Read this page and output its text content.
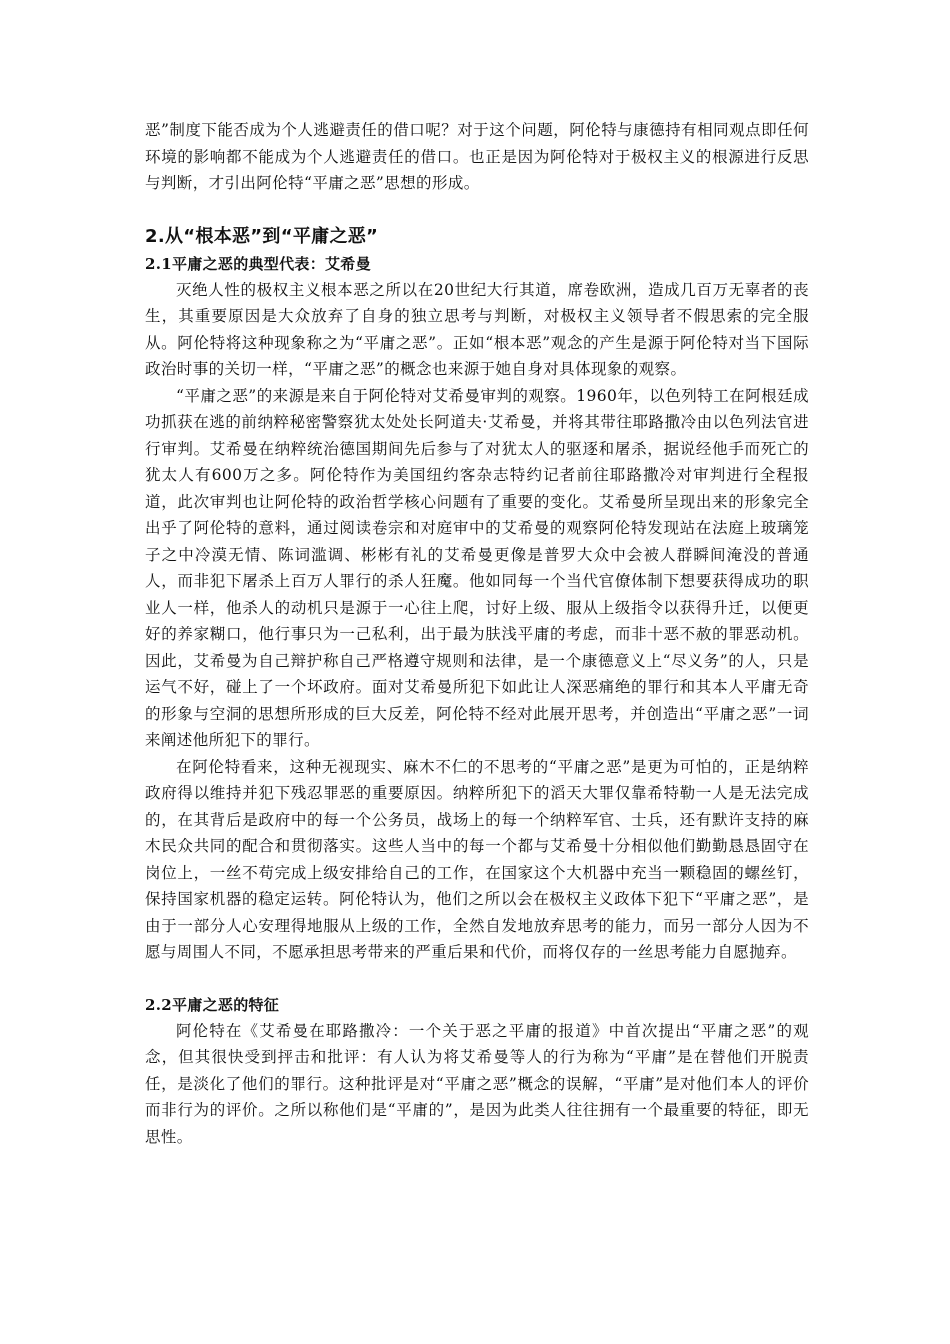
恶”制度下能否成为个人逃避责任的借口呢？对于这个问题，阿伦特与康德持有相同观点即任何环境的影响都不能成为个人逃避责任的借口。也正是因为阿伦特对于极权主义的根源进行反思与判断，才引出阿伦特“平庸之恶”思想的形成。

2.从“根本恶”到“平庸之恶”
2.1平庸之恶的典型代表：艾希曼

灭绝人性的极权主义根本恶之所以在20世纪大行其道，席卷欧洲，造成几百万无辜者的丧生，其重要原因是大众放弃了自身的独立思考与判断，对极权主义领导者不假思索的完全服从。阿伦特将这种现象称之为“平庸之恶”。正如“根本恶”观念的产生是源于阿伦特对当下国际政治时事的关切一样，“平庸之恶”的概念也来源于她自身对具体现象的观察。

“平庸之恶”的来源是来自于阿伦特对艾希曼审判的观察。1960年，以色列特工在阿根廷成功抓获在逃的前纳粹秘密警察犹太处处长阿道夫·艾希曼，并将其带往耶路撒冷由以色列法官进行审判。艾希曼在纳粹统治德国期间先后参与了对犹太人的驱逐和屠杀，据说经他手而死亡的犹太人有600万之多。阿伦特作为美国纽约客杂志特约记者前往耶路撒冷对审判进行全程报道，此次审判也让阿伦特的政治哲学核心问题有了重要的变化。艾希曼所呈现出来的形象完全出乎了阿伦特的意料，通过阅读卷宗和对庭审中的艾希曼的观察阿伦特发现站在法庭上玻璃笼子之中冷漠无情、陈词滥调、彬彬有礼的艾希曼更像是普罗大众中会被人群瞬间淹没的普通人，而非犯下屠杀上百万人罪行的杀人狂魔。他如同每一个当代官僚体制下想要获得成功的职业人一样，他杀人的动机只是源于一心往上爬，讨好上级、服从上级指令以获得升迁，以便更好的养家糊口，他行事只为一己私利，出于最为肤浅平庸的考虑，而非十恶不赦的罪恶动机。因此，艾希曼为自己辩护称自己严格遵守规则和法律，是一个康德意义上“尽义务”的人，只是运气不好，碰上了一个坏政府。面对艾希曼所犯下如此让人深恶痛绝的罪行和其本人平庸无奇的形象与空洞的思想所形成的巨大反差，阿伦特不经对此展开思考，并创造出“平庸之恶”一词来阐述他所犯下的罪行。

在阿伦特看来，这种无视现实、麻木不仁的不思考的“平庸之恶”是更为可怕的，正是纳粹政府得以维持并犯下残忍罪恶的重要原因。纳粹所犯下的滔天大罪仅靠希特勒一人是无法完成的，在其背后是政府中的每一个公务员，战场上的每一个纳粹军官、士兵，还有默许支持的麻木民众共同的配合和贯彻落实。这些人当中的每一个都与艾希曼十分相似他们勤勤恳恳固守在岗位上，一丝不苟完成上级安排给自己的工作，在国家这个大机器中充当一颗稳固的螺丝钉，保持国家机器的稳定运转。阿伦特认为，他们之所以会在极权主义政体下犯下“平庸之恶”，是由于一部分人心安理得地服从上级的工作，全然自发地放弃思考的能力，而另一部分人因为不愿与周围人不同，不愿承担思考带来的严重后果和代价，而将仅存的一丝思考能力自愿抛弃。

2.2平庸之恶的特征

阿伦特在《艾希曼在耶路撒冷：一个关于恶之平庸的报道》中首次提出“平庸之恶”的观念，但其很快受到抨击和批评：有人认为将艾希曼等人的行为称为“平庸”是在替他们开脱责任，是淡化了他们的罪行。这种批评是对“平庸之恶”概念的误解，“平庸”是对他们本人的评价而非行为的评价。之所以称他们是“平庸的”，是因为此类人往往拥有一个最重要的特征，即无思性。
